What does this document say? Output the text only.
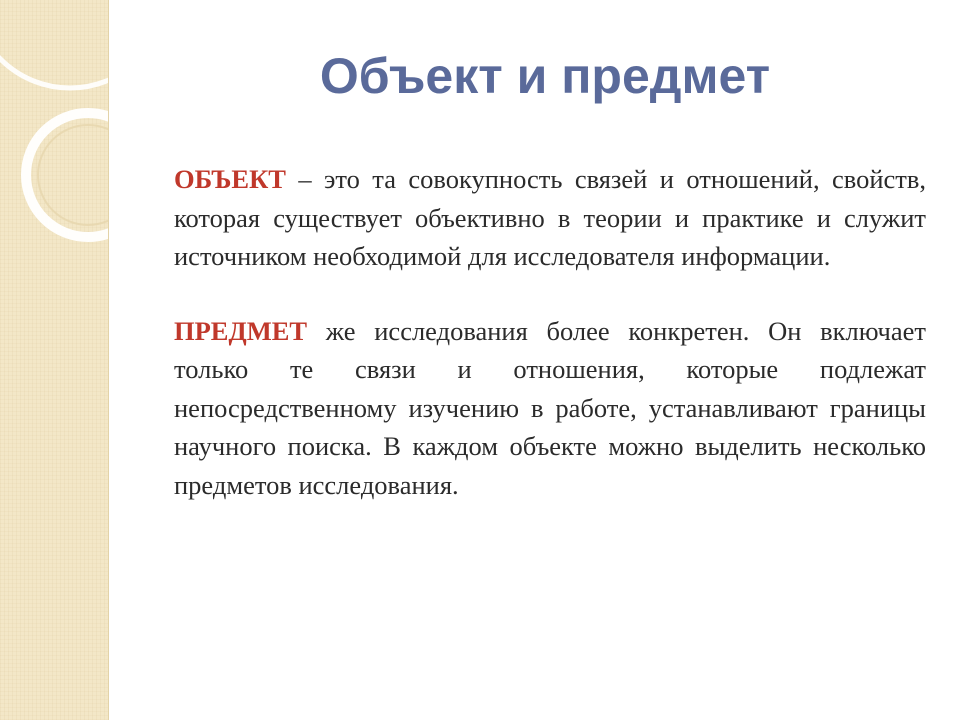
Объект и предмет

ОБЪЕКТ – это та совокупность связей и отношений, свойств, которая существует объективно в теории и практике и служит источником необходимой для исследователя информации.

ПРЕДМЕТ же исследования более конкретен. Он включает только те связи и отношения, которые подлежат непосредственному изучению в работе, устанавливают границы научного поиска. В каждом объекте можно выделить несколько предметов исследования.
